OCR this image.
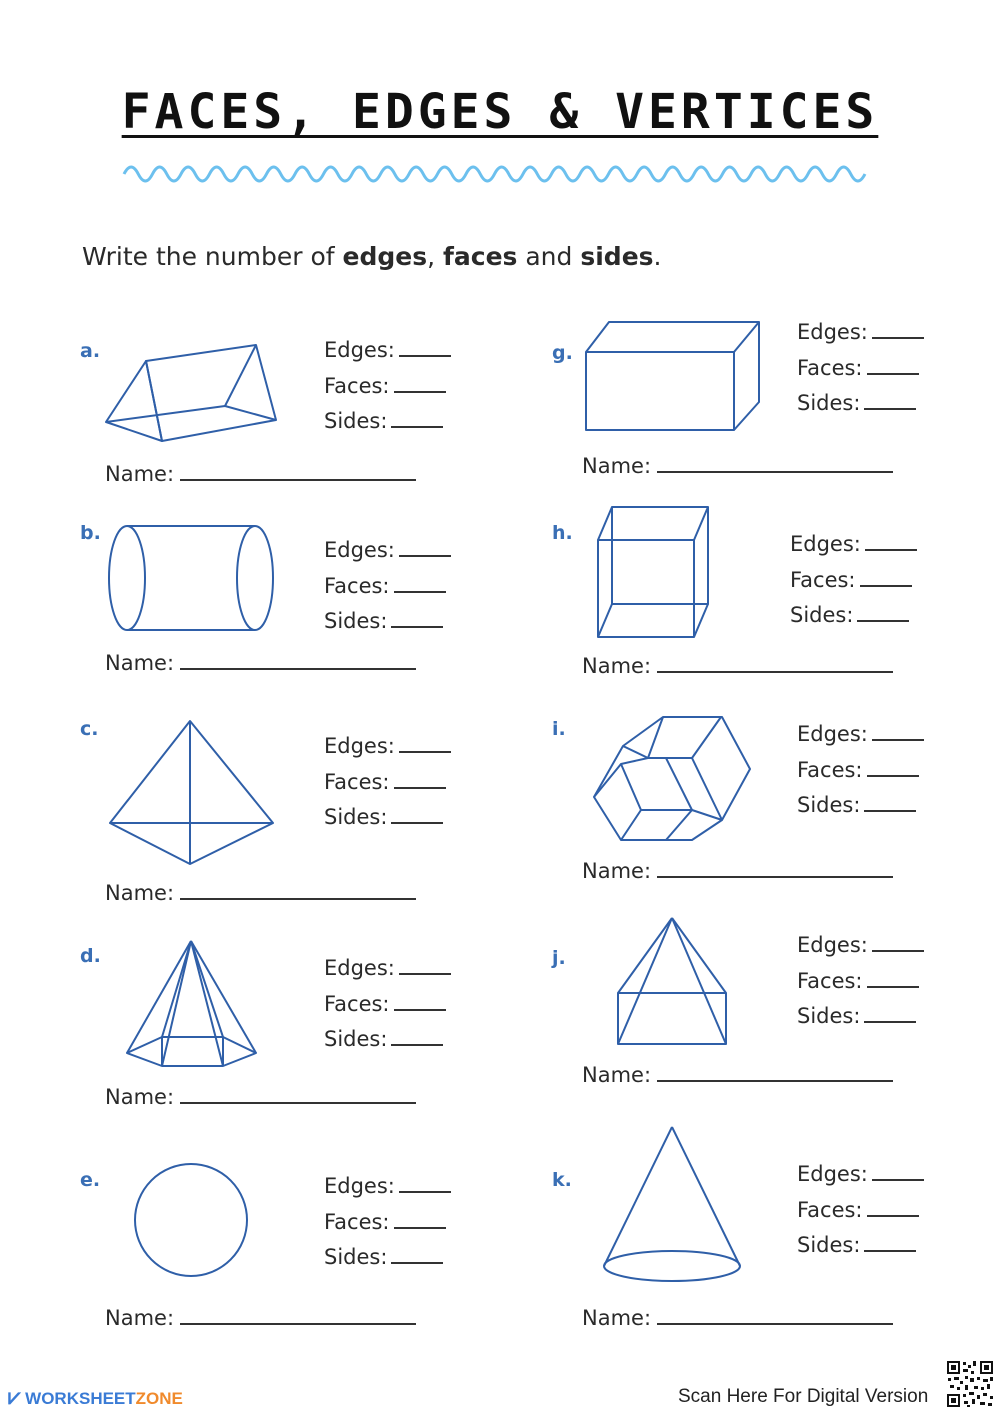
FACES, EDGES & VERTICES
Write the number of edges, faces and sides.
a.	Edges:
Faces:
Sides:
Name:
b.
Edges:
Faces:
Sides:
Name:
c.
Edges:
Faces:
Sides:
Name:
d.	Edges:
Faces:
Sides:
Name:
e.	Edges:
Faces:
Sides:
Name:
g.
Edges:
Faces:
Sides:
Name:
h.	Edges:
Faces:
Sides:
Name:
i.	Edges:
Faces:
Sides:
Name:
j.
Edges:
Faces:
Sides:
Name:
k.	Edges:
Faces:
Sides:
Name:
⩗ WORKSHEETZONE	Scan Here For Digital Version
